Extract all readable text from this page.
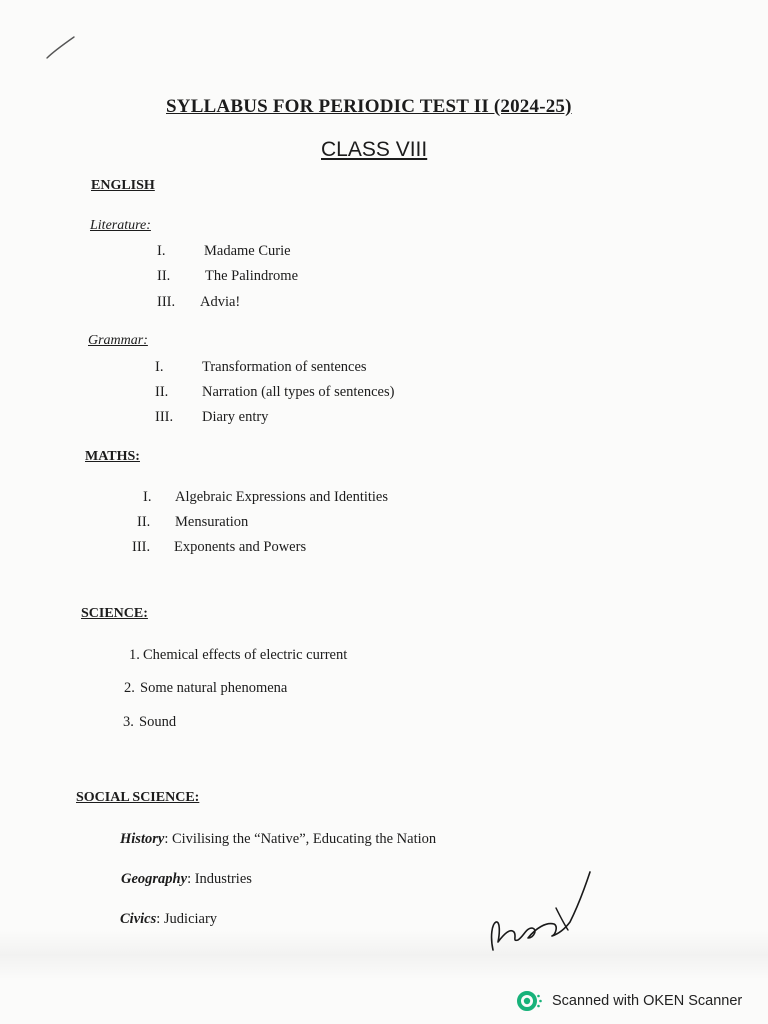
SYLLABUS FOR PERIODIC TEST II (2024-25)
CLASS VIII
ENGLISH
Literature:
I.	Madame Curie
II. The Palindrome
III. Advia!
Grammar:
I.	Transformation of sentences
II. Narration (all types of sentences)
III. Diary entry
MATHS:
I. Algebraic Expressions and Identities
II. Mensuration
III. Exponents and Powers
SCIENCE:
1. Chemical effects of electric current
2. Some natural phenomena
3. Sound
SOCIAL SCIENCE:
History: Civilising the “Native”, Educating the Nation
Geography: Industries
Civics: Judiciary
Scanned with OKEN Scanner
